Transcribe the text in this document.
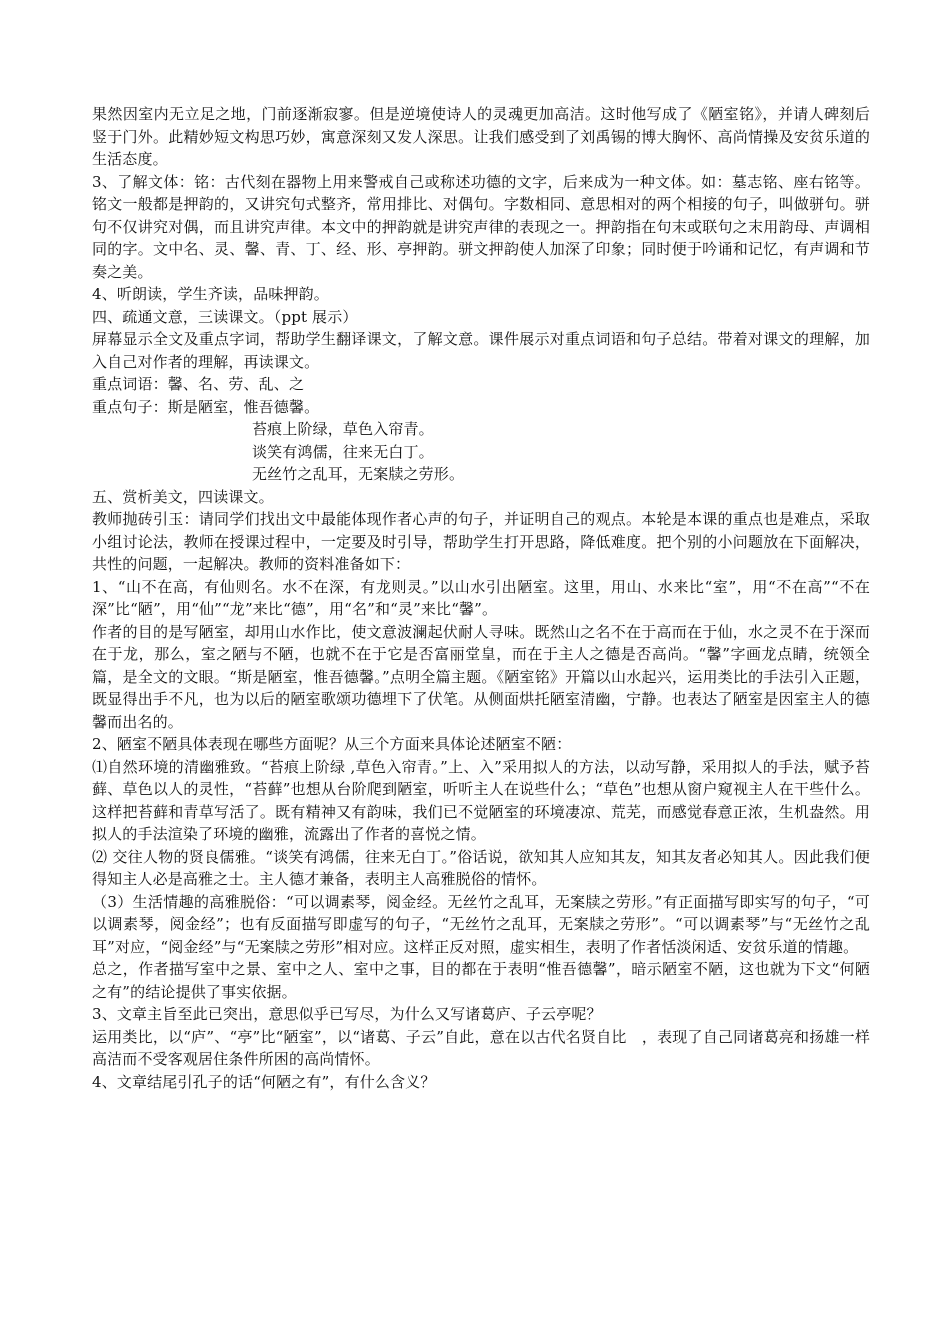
果然因室内无立足之地，门前逐渐寂寥。但是逆境使诗人的灵魂更加高洁。这时他写成了《陋室铭》，并请人碑刻后竖于门外。此精妙短文构思巧妙，寓意深刻又发人深思。让我们感受到了刘禹锡的博大胸怀、高尚情操及安贫乐道的生活态度。

3、了解文体：铭：古代刻在器物上用来警戒自己或称述功德的文字，后来成为一种文体。如：墓志铭、座右铭等。铭文一般都是押韵的，又讲究句式整齐，常用排比、对偶句。字数相同、意思相对的两个相接的句子，叫做骈句。骈句不仅讲究对偶，而且讲究声律。本文中的押韵就是讲究声律的表现之一。押韵指在句末或联句之末用韵母、声调相同的字。文中名、灵、馨、青、丁、经、形、亭押韵。骈文押韵使人加深了印象；同时便于吟诵和记忆，有声调和节奏之美。

4、听朗读，学生齐读，品味押韵。

四、疏通文意，三读课文。（ppt 展示）

屏幕显示全文及重点字词，帮助学生翻译课文，了解文意。课件展示对重点词语和句子总结。带着对课文的理解，加入自己对作者的理解，再读课文。

重点词语：馨、名、劳、乱、之

重点句子：斯是陋室，惟吾德馨。

苔痕上阶绿，草色入帘青。

谈笑有鸿儒，往来无白丁。

无丝竹之乱耳，无案牍之劳形。

五、赏析美文，四读课文。

教师抛砖引玉：请同学们找出文中最能体现作者心声的句子，并证明自己的观点。本轮是本课的重点也是难点，采取小组讨论法，教师在授课过程中，一定要及时引导，帮助学生打开思路，降低难度。把个别的小问题放在下面解决，共性的问题，一起解决。教师的资料准备如下：

1、“山不在高，有仙则名。水不在深，有龙则灵。”以山水引出陋室。这里，用山、水来比“室”，用“不在高”“不在深”比“陋”，用“仙”“龙”来比“德”，用“名”和“灵”来比“馨”。

作者的目的是写陋室，却用山水作比，使文意波澜起伏耐人寻味。既然山之名不在于高而在于仙，水之灵不在于深而在于龙，那么，室之陋与不陋，也就不在于它是否富丽堂皇，而在于主人之德是否高尚。“馨”字画龙点睛，统领全篇，是全文的文眼。“斯是陋室，惟吾德馨。”点明全篇主题。《陋室铭》开篇以山水起兴，运用类比的手法引入正题，既显得出手不凡，也为以后的陋室歌颂功德埋下了伏笔。从侧面烘托陋室清幽，宁静。也表达了陋室是因室主人的德馨而出名的。

2、陋室不陋具体表现在哪些方面呢？从三个方面来具体论述陋室不陋：

⑴自然环境的清幽雅致。“苔痕上阶绿 ,草色入帘青。”上、入”采用拟人的方法，以动写静，采用拟人的手法，赋予苔藓、草色以人的灵性，“苔藓”也想从台阶爬到陋室，听听主人在说些什么；“草色”也想从窗户窥视主人在干些什么。这样把苔藓和青草写活了。既有精神又有韵味，我们已不觉陋室的环境凄凉、荒芜，而感觉春意正浓，生机盎然。用拟人的手法渲染了环境的幽雅，流露出了作者的喜悦之情。

⑵ 交往人物的贤良儒雅。“谈笑有鸿儒，往来无白丁。”俗话说，欲知其人应知其友，知其友者必知其人。因此我们便得知主人必是高雅之士。主人德才兼备，表明主人高雅脱俗的情怀。

（3）生活情趣的高雅脱俗：“可以调素琴，阅金经。无丝竹之乱耳，无案牍之劳形。”有正面描写即实写的句子，“可以调素琴，阅金经”；也有反面描写即虚写的句子，“无丝竹之乱耳，无案牍之劳形”。“可以调素琴”与“无丝竹之乱耳”对应，“阅金经”与“无案牍之劳形”相对应。这样正反对照，虚实相生，表明了作者恬淡闲适、安贫乐道的情趣。

总之，作者描写室中之景、室中之人、室中之事，目的都在于表明“惟吾德馨”，暗示陋室不陋，这也就为下文“何陋之有”的结论提供了事实依据。

3、文章主旨至此已突出，意思似乎已写尽，为什么又写诸葛庐、子云亭呢？

运用类比，以“庐”、“亭”比“陋室”，以“诸葛、子云”自此，意在以古代名贤自比　，表现了自己同诸葛亮和扬雄一样高洁而不受客观居住条件所困的高尚情怀。

4、文章结尾引孔子的话“何陋之有”，有什么含义？
